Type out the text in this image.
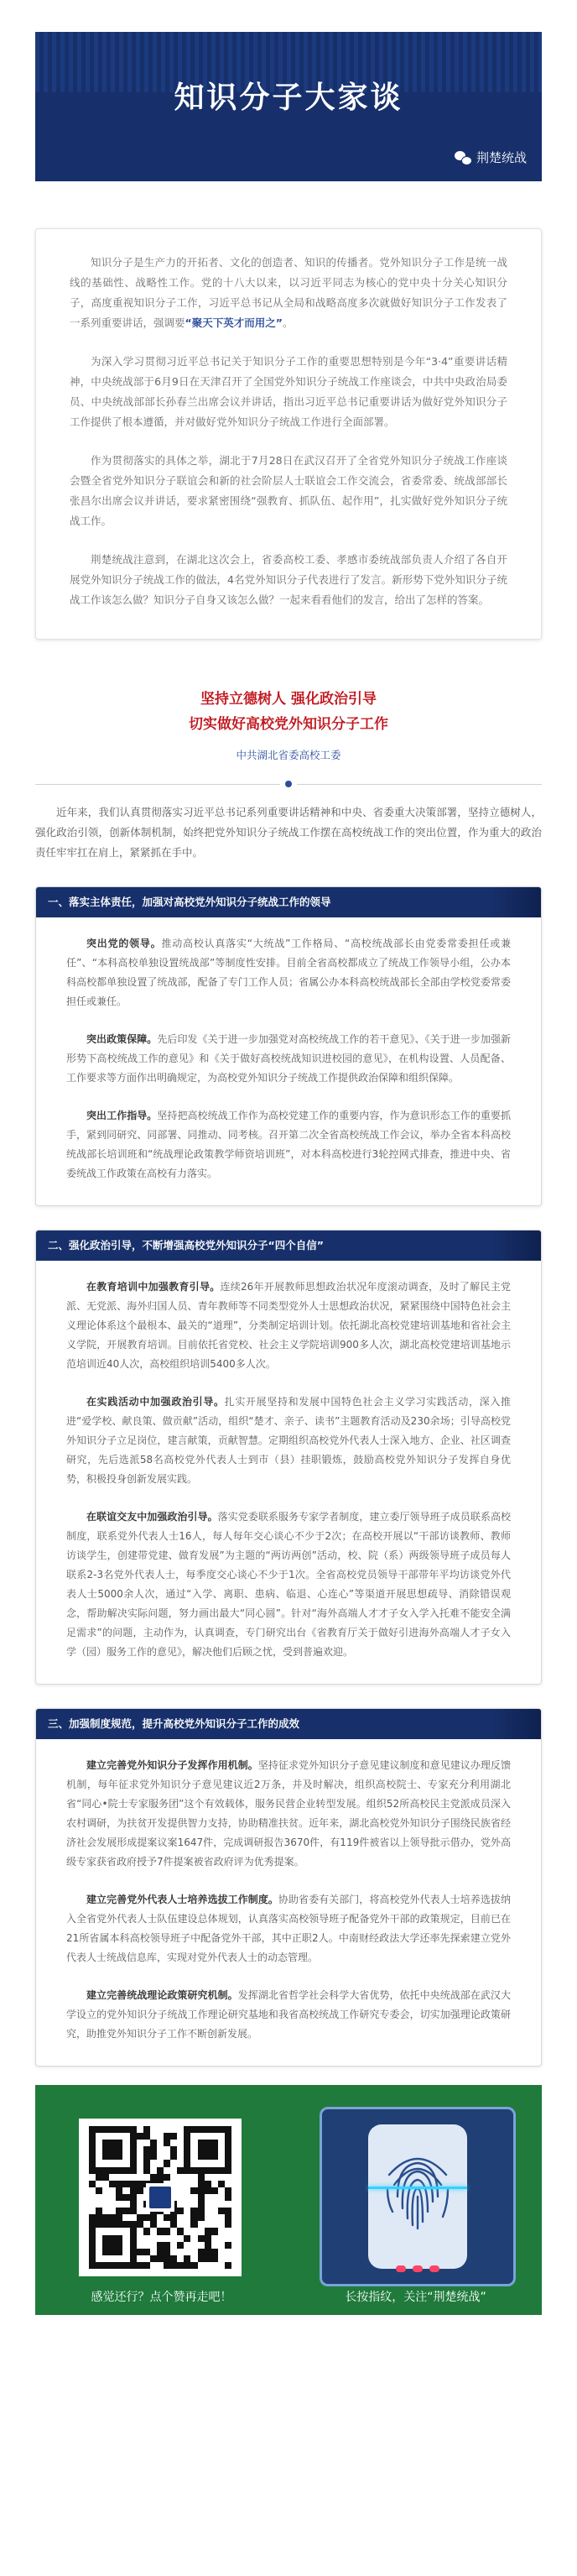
知识分子大家谈
荆楚统战

知识分子是生产力的开拓者、文化的创造者、知识的传播者。党外知识分子工作是统一战线的基础性、战略性工作。党的十八大以来，以习近平同志为核心的党中央十分关心知识分子，高度重视知识分子工作，习近平总书记从全局和战略高度多次就做好知识分子工作发表了一系列重要讲话，强调要“聚天下英才而用之”。

为深入学习贯彻习近平总书记关于知识分子工作的重要思想特别是今年“3·4”重要讲话精神，中央统战部于6月9日在天津召开了全国党外知识分子统战工作座谈会，中共中央政治局委员、中央统战部部长孙春兰出席会议并讲话，指出习近平总书记重要讲话为做好党外知识分子工作提供了根本遵循，并对做好党外知识分子统战工作进行全面部署。

作为贯彻落实的具体之举，湖北于7月28日在武汉召开了全省党外知识分子统战工作座谈会暨全省党外知识分子联谊会和新的社会阶层人士联谊会工作交流会，省委常委、统战部部长张昌尔出席会议并讲话，要求紧密围绕“强教育、抓队伍、起作用”，扎实做好党外知识分子统战工作。

荆楚统战注意到，在湖北这次会上，省委高校工委、孝感市委统战部负责人介绍了各自开展党外知识分子统战工作的做法，4名党外知识分子代表进行了发言。新形势下党外知识分子统战工作该怎么做？知识分子自身又该怎么做？一起来看看他们的发言，给出了怎样的答案。

坚持立德树人 强化政治引导
切实做好高校党外知识分子工作
中共湖北省委高校工委

近年来，我们认真贯彻落实习近平总书记系列重要讲话精神和中央、省委重大决策部署，坚持立德树人，强化政治引领，创新体制机制，始终把党外知识分子统战工作摆在高校统战工作的突出位置，作为重大的政治责任牢牢扛在肩上，紧紧抓在手中。

一、落实主体责任，加强对高校党外知识分子统战工作的领导

突出党的领导。推动高校认真落实“大统战”工作格局、“高校统战部长由党委常委担任或兼任”、“本科高校单独设置统战部”等制度性安排。目前全省高校都成立了统战工作领导小组，公办本科高校都单独设置了统战部，配备了专门工作人员；省属公办本科高校统战部长全部由学校党委常委担任或兼任。

突出政策保障。先后印发《关于进一步加强党对高校统战工作的若干意见》、《关于进一步加强新形势下高校统战工作的意见》和《关于做好高校统战知识进校园的意见》，在机构设置、人员配备、工作要求等方面作出明确规定，为高校党外知识分子统战工作提供政治保障和组织保障。

突出工作指导。坚持把高校统战工作作为高校党建工作的重要内容，作为意识形态工作的重要抓手，紧到同研究、同部署、同推动、同考核。召开第二次全省高校统战工作会议，举办全省本科高校统战部长培训班和“统战理论政策教学师资培训班”，对本科高校进行3轮控网式排查，推进中央、省委统战工作政策在高校有力落实。

二、强化政治引导，不断增强高校党外知识分子“四个自信”

在教育培训中加强教育引导。连续26年开展教师思想政治状况年度滚动调查，及时了解民主党派、无党派、海外归国人员、青年教师等不同类型党外人士思想政治状况，紧紧围绕中国特色社会主义理论体系这个最根本、最关的“道理”，分类制定培训计划。依托湖北高校党建培训基地和省社会主义学院，开展教育培训。目前依托省党校、社会主义学院培训900多人次，湖北高校党建培训基地示范培训近40人次，高校组织培训5400多人次。

在实践活动中加强政治引导。扎实开展坚持和发展中国特色社会主义学习实践活动，深入推进“爱学校、献良策、做贡献”活动，组织“楚才、亲子、读书”主题教育活动及230余场；引导高校党外知识分子立足岗位，建言献策，贡献智慧。定期组织高校党外代表人士深入地方、企业、社区调查研究，先后选派58名高校党外代表人士到市（县）挂职锻炼，鼓励高校党外知识分子发挥自身优势，积极投身创新发展实践。

在联谊交友中加强政治引导。落实党委联系服务专家学者制度，建立委厅领导班子成员联系高校制度，联系党外代表人士16人，每人每年交心谈心不少于2次；在高校开展以“干部访谈教师、教师访谈学生，创建带党建、做育发展”为主题的“两访两创”活动，校、院（系）两级领导班子成员每人联系2-3名党外代表人士，每季度交心谈心不少于1次。全省高校党员领导干部带年平均访谈党外代表人士5000余人次，通过“入学、离职、患病、临退、心连心”等渠道开展思想疏导、消除错误观念，帮助解决实际问题，努力画出最大“同心圆”。针对“海外高端人才才子女入学入托难不能安全满足需求”的问题，主动作为，认真调查，专门研究出台《省教育厅关于做好引进海外高端人才子女入学（园）服务工作的意见》，解决他们后顾之忧，受到普遍欢迎。

三、加强制度规范，提升高校党外知识分子工作的成效

建立完善党外知识分子发挥作用机制。坚持征求党外知识分子意见建议制度和意见建议办理反馈机制，每年征求党外知识分子意见建议近2万条，并及时解决，组织高校院士、专家充分利用湖北省“同心•院士专家服务团”这个有效载体，服务民营企业转型发展。组织52所高校民主党派成员深入农村调研，为扶贫开发提供智力支持，协助精准扶贫。近年来，湖北高校党外知识分子围绕民族省经济社会发展形成提案议案1647件，完成调研报告3670件，有119件被省以上领导批示借办，党外高级专家获省政府授予7件提案被省政府评为优秀提案。

建立完善党外代表人士培养选拔工作制度。协助省委有关部门，将高校党外代表人士培养选拔纳入全省党外代表人士队伍建设总体规划，认真落实高校领导班子配备党外干部的政策规定，目前已在21所省属本科高校领导班子中配备党外干部，其中正职2人。中南财经政法大学还率先探索建立党外代表人士统战信息库，实现对党外代表人士的动态管理。

建立完善统战理论政策研究机制。发挥湖北省哲学社会科学大省优势，依托中央统战部在武汉大学设立的党外知识分子统战工作理论研究基地和我省高校统战工作研究专委会，切实加强理论政策研究，助推党外知识分子工作不断创新发展。

感觉还行？点个赞再走吧！	长按指纹，关注“荆楚统战”
